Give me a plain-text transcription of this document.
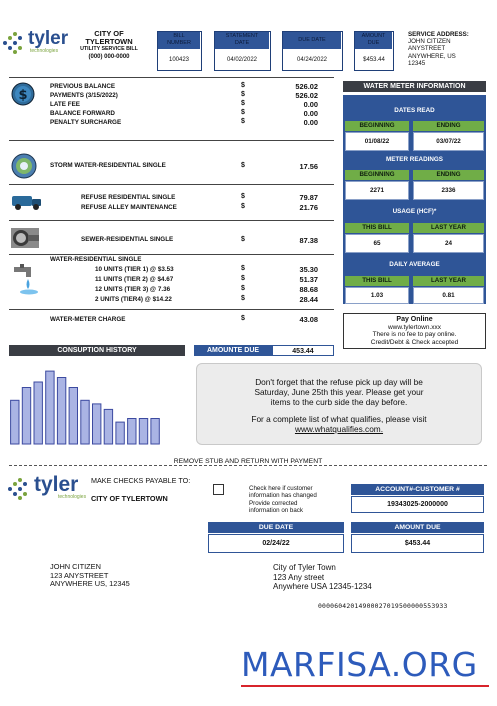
tyler
technologies
CITY OF
TYLERTOWN
UTILITY SERVICE BILL
(000) 000-0000
BILL
NUMBER
100423
STATEMENT
DATE
04/02/2022
DUE DATE
04/24/2022
AMOUNT
DUE
$453.44
SERVICE ADDRESS:
JOHN CITIZEN
ANYSTREET
ANYWHERE, US
12345
$
PREVIOUS BALANCE	$	526.02
PAYMENTS (3/15/2022)	$	526.02
LATE FEE	$	0.00
BALANCE FORWARD	$	0.00
PENALTY SURCHARGE	$	0.00
STORM WATER-RESIDENTIAL SINGLE	$	17.56
REFUSE RESIDENTIAL SINGLE	$	79.87
REFUSE ALLEY MAINTENANCE	$	21.76
SEWER-RESIDENTIAL SINGLE	$	87.38
WATER-RESIDENTIAL SINGLE
10 UNITS (TIER 1) @ $3.53	$	35.30
11 UNITS (TIER 2) @ $4.67	$	51.37
12 UNITS (TIER 3) @ 7.36	$	88.68
2 UNITS (TIER4) @ $14.22	$	28.44
WATER-METER CHARGE	$	43.08
WATER METER INFORMATION
DATES READ
BEGINNING	ENDING
01/08/22	03/07/22
METER READINGS
BEGINNING	ENDING
2271	2336
USAGE (HCF)*
THIS BILL	LAST YEAR
65	24
DAILY AVERAGE
THIS BILL	LAST YEAR
1.03	0.81
Pay Online
www.tylertown.xxx
There is no fee to pay online.
Credit/Debt & Check accepted
CONSUPTION HISTORY	AMOUNTE DUE	453.44
Don't forget that the refuse pick up day will be
Saturday, June 25th this year. Please get your
items to the curb side the day before.
For a complete list of what qualifies, please visit
www.whatqualifies.com.
REMOVE STUB AND RETURN WITH PAYMENT
tyler
technologies
MAKE CHECKS PAYABLE TO:
CITY OF TYLERTOWN
Check here if customer
information has changed
Provide corrected
information on back
ACCOUNT#-CUSTOMER #
19343025-2000000
DUE DATE
02/24/22
AMOUNT DUE
$453.44
JOHN CITIZEN
123 ANYSTREET
ANYWHERE US, 12345
City of Tyler Town
123 Any street
Anywhere USA 12345-1234
00006042014900027019500000553933
MARFISA.ORG
